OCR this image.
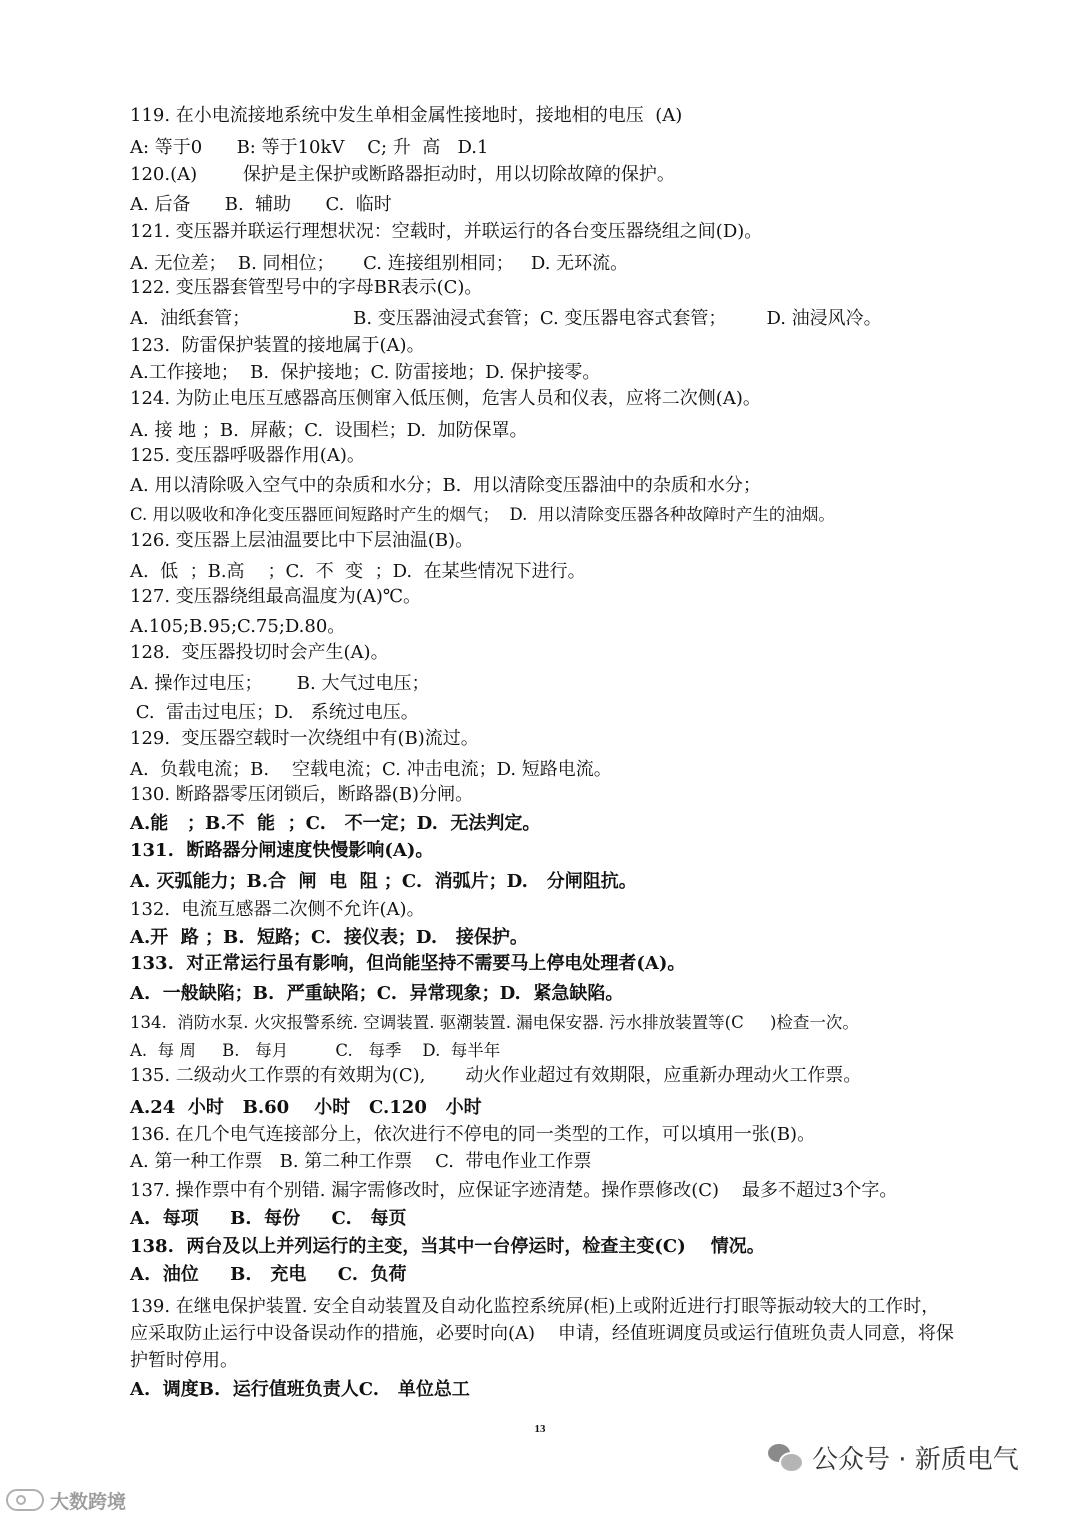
119. 在小电流接地系统中发生单相金属性接地时，接地相的电压  (A)
A: 等于0      B: 等于10kV    C; 升  高   D.1
120.(A)        保护是主保护或断路器拒动时，用以切除故障的保护。
A. 后备      B.  辅助      C.  临时
121. 变压器并联运行理想状况：空载时，并联运行的各台变压器绕组之间(D)。
A. 无位差；  B. 同相位；     C. 连接组别相同；   D. 无环流。
122. 变压器套管型号中的字母BR表示(C)。
A.  油纸套管；                  B. 变压器油浸式套管；C. 变压器电容式套管；       D. 油浸风冷。
123.  防雷保护装置的接地属于(A)。
A.工作接地；  B.  保护接地；C. 防雷接地；D. 保护接零。
124. 为防止电压互感器高压侧窜入低压侧，危害人员和仪表，应将二次侧(A)。
A. 接 地 ；B.  屏蔽；C.  设围栏；D.  加防保罩。
125. 变压器呼吸器作用(A)。
A. 用以清除吸入空气中的杂质和水分；B.  用以清除变压器油中的杂质和水分；
C. 用以吸收和净化变压器匝间短路时产生的烟气；  D.  用以清除变压器各种故障时产生的油烟。
126. 变压器上层油温要比中下层油温(B)。
A.  低  ；B.高    ；C.  不  变  ；D.  在某些情况下进行。
127. 变压器绕组最高温度为(A)℃。
A.105;B.95;C.75;D.80。
128.  变压器投切时会产生(A)。
A. 操作过电压；      B. 大气过电压；
C.  雷击过电压；D.   系统过电压。
129.  变压器空载时一次绕组中有(B)流过。
A.  负载电流；B.    空载电流；C. 冲击电流；D. 短路电流。
130. 断路器零压闭锁后，断路器(B)分闸。
A.能   ；B.不  能  ；C.   不一定；D.  无法判定。
131.  断路器分闸速度快慢影响(A)。
A. 灭弧能力；B.合  闸  电  阻 ；C.  消弧片；D.   分闸阻抗。
132.  电流互感器二次侧不允许(A)。
A.开  路 ；B.  短路；C.  接仪表；D.   接保护。
133.  对正常运行虽有影响，但尚能坚持不需要马上停电处理者(A)。
A.  一般缺陷；B.  严重缺陷；C.  异常现象；D.  紧急缺陷。
134.  消防水泵. 火灾报警系统. 空调装置. 驱潮装置. 漏电保安器. 污水排放装置等(C     )检查一次。
A.  每 周     B.   每月         C.   每季    D.  每半年
135. 二级动火工作票的有效期为(C),       动火作业超过有效期限，应重新办理动火工作票。
A.24  小时   B.60    小时   C.120   小时
136. 在几个电气连接部分上，依次进行不停电的同一类型的工作，可以填用一张(B)。
A. 第一种工作票   B. 第二种工作票    C.  带电作业工作票
137. 操作票中有个别错. 漏字需修改时，应保证字迹清楚。操作票修改(C)    最多不超过3个字。
A.  每项     B.  每份     C.   每页
138.  两台及以上并列运行的主变，当其中一台停运时，检查主变(C)    情况。
A.  油位     B.   充电     C.  负荷
139. 在继电保护装置. 安全自动装置及自动化监控系统屏(柜)上或附近进行打眼等振动较大的工作时，
应采取防止运行中设备误动作的措施，必要时向(A)    申请，经值班调度员或运行值班负责人同意，将保
护暂时停用。
A.  调度B.  运行值班负责人C.   单位总工
13
公众号 · 新质电气
大数跨境
